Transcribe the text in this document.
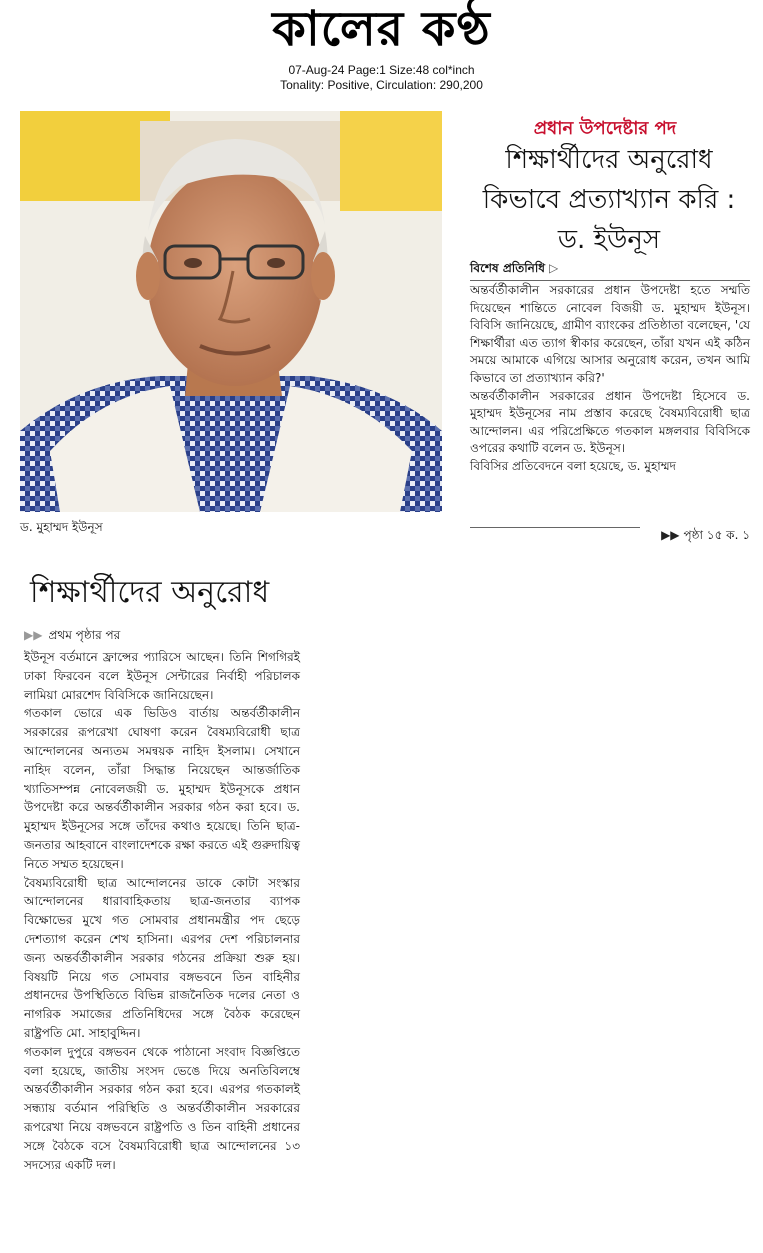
কালের কণ্ঠ
07-Aug-24 Page:1 Size:48 col*inch
Tonality: Positive, Circulation: 290,200
ড. মুহাম্মদ ইউনূস
প্রধান উপদেষ্টার পদ
শিক্ষার্থীদের অনুরোধ কিভাবে প্রত্যাখ্যান করি : ড. ইউনূস
বিশেষ প্রতিনিধি ▷

অন্তর্বর্তীকালীন সরকারের প্রধান উপদেষ্টা হতে সম্মতি দিয়েছেন শান্তিতে নোবেল বিজয়ী ড. মুহাম্মদ ইউনূস। বিবিসি জানিয়েছে, গ্রামীণ ব্যাংকের প্রতিষ্ঠাতা বলেছেন, 'যে শিক্ষার্থীরা এত ত্যাগ স্বীকার করেছেন, তাঁরা যখন এই কঠিন সময়ে আমাকে এগিয়ে আসার অনুরোধ করেন, তখন আমি কিভাবে তা প্রত্যাখ্যান করি?'

অন্তর্বর্তীকালীন সরকারের প্রধান উপদেষ্টা হিসেবে ড. মুহাম্মদ ইউনূসের নাম প্রস্তাব করেছে বৈষম্যবিরোধী ছাত্র আন্দোলন। এর পরিপ্রেক্ষিতে গতকাল মঙ্গলবার বিবিসিকে ওপরের কথাটি বলেন ড. ইউনূস।

বিবিসির প্রতিবেদনে বলা হয়েছে, ড. মুহাম্মদ

▶▶ পৃষ্ঠা ১৫ ক. ১
শিক্ষার্থীদের অনুরোধ
▶▶ প্রথম পৃষ্ঠার পর

ইউনূস বর্তমানে ফ্রান্সের প্যারিসে আছেন। তিনি শিগগিরই ঢাকা ফিরবেন বলে ইউনূস সেন্টারের নির্বাহী পরিচালক লামিয়া মোরশেদ বিবিসিকে জানিয়েছেন।

গতকাল ভোরে এক ভিডিও বার্তায় অন্তর্বর্তীকালীন সরকারের রূপরেখা ঘোষণা করেন বৈষম্যবিরোধী ছাত্র আন্দোলনের অন্যতম সমন্বয়ক নাহিদ ইসলাম। সেখানে নাহিদ বলেন, তাঁরা সিদ্ধান্ত নিয়েছেন আন্তর্জাতিক খ্যাতিসম্পন্ন নোবেলজয়ী ড. মুহাম্মদ ইউনূসকে প্রধান উপদেষ্টা করে অন্তর্বর্তীকালীন সরকার গঠন করা হবে। ড. মুহাম্মদ ইউনূসের সঙ্গে তাঁদের কথাও হয়েছে। তিনি ছাত্র-জনতার আহবানে বাংলাদেশকে রক্ষা করতে এই গুরুদায়িত্ব নিতে সম্মত হয়েছেন।

বৈষম্যবিরোধী ছাত্র আন্দোলনের ডাকে কোটা সংস্কার আন্দোলনের ধারাবাহিকতায় ছাত্র-জনতার ব্যাপক বিক্ষোভের মুখে গত সোমবার প্রধানমন্ত্রীর পদ ছেড়ে দেশত্যাগ করেন শেখ হাসিনা। এরপর দেশ পরিচালনার জন্য অন্তর্বর্তীকালীন সরকার গঠনের প্রক্রিয়া শুরু হয়। বিষয়টি নিয়ে গত সোমবার বঙ্গভবনে তিন বাহিনীর প্রধানদের উপস্থিতিতে বিভিন্ন রাজনৈতিক দলের নেতা ও নাগরিক সমাজের প্রতিনিধিদের সঙ্গে বৈঠক করেছেন রাষ্ট্রপতি মো. সাহাবুদ্দিন।

গতকাল দুপুরে বঙ্গভবন থেকে পাঠানো সংবাদ বিজ্ঞপ্তিতে বলা হয়েছে, জাতীয় সংসদ ভেঙে দিয়ে অনতিবিলম্বে অন্তর্বর্তীকালীন সরকার গঠন করা হবে। এরপর গতকালই সন্ধ্যায় বর্তমান পরিস্থিতি ও অন্তর্বর্তীকালীন সরকারের রূপরেখা নিয়ে বঙ্গভবনে রাষ্ট্রপতি ও তিন বাহিনী প্রধানের সঙ্গে বৈঠকে বসে বৈষম্যবিরোধী ছাত্র আন্দোলনের ১৩ সদস্যের একটি দল।
